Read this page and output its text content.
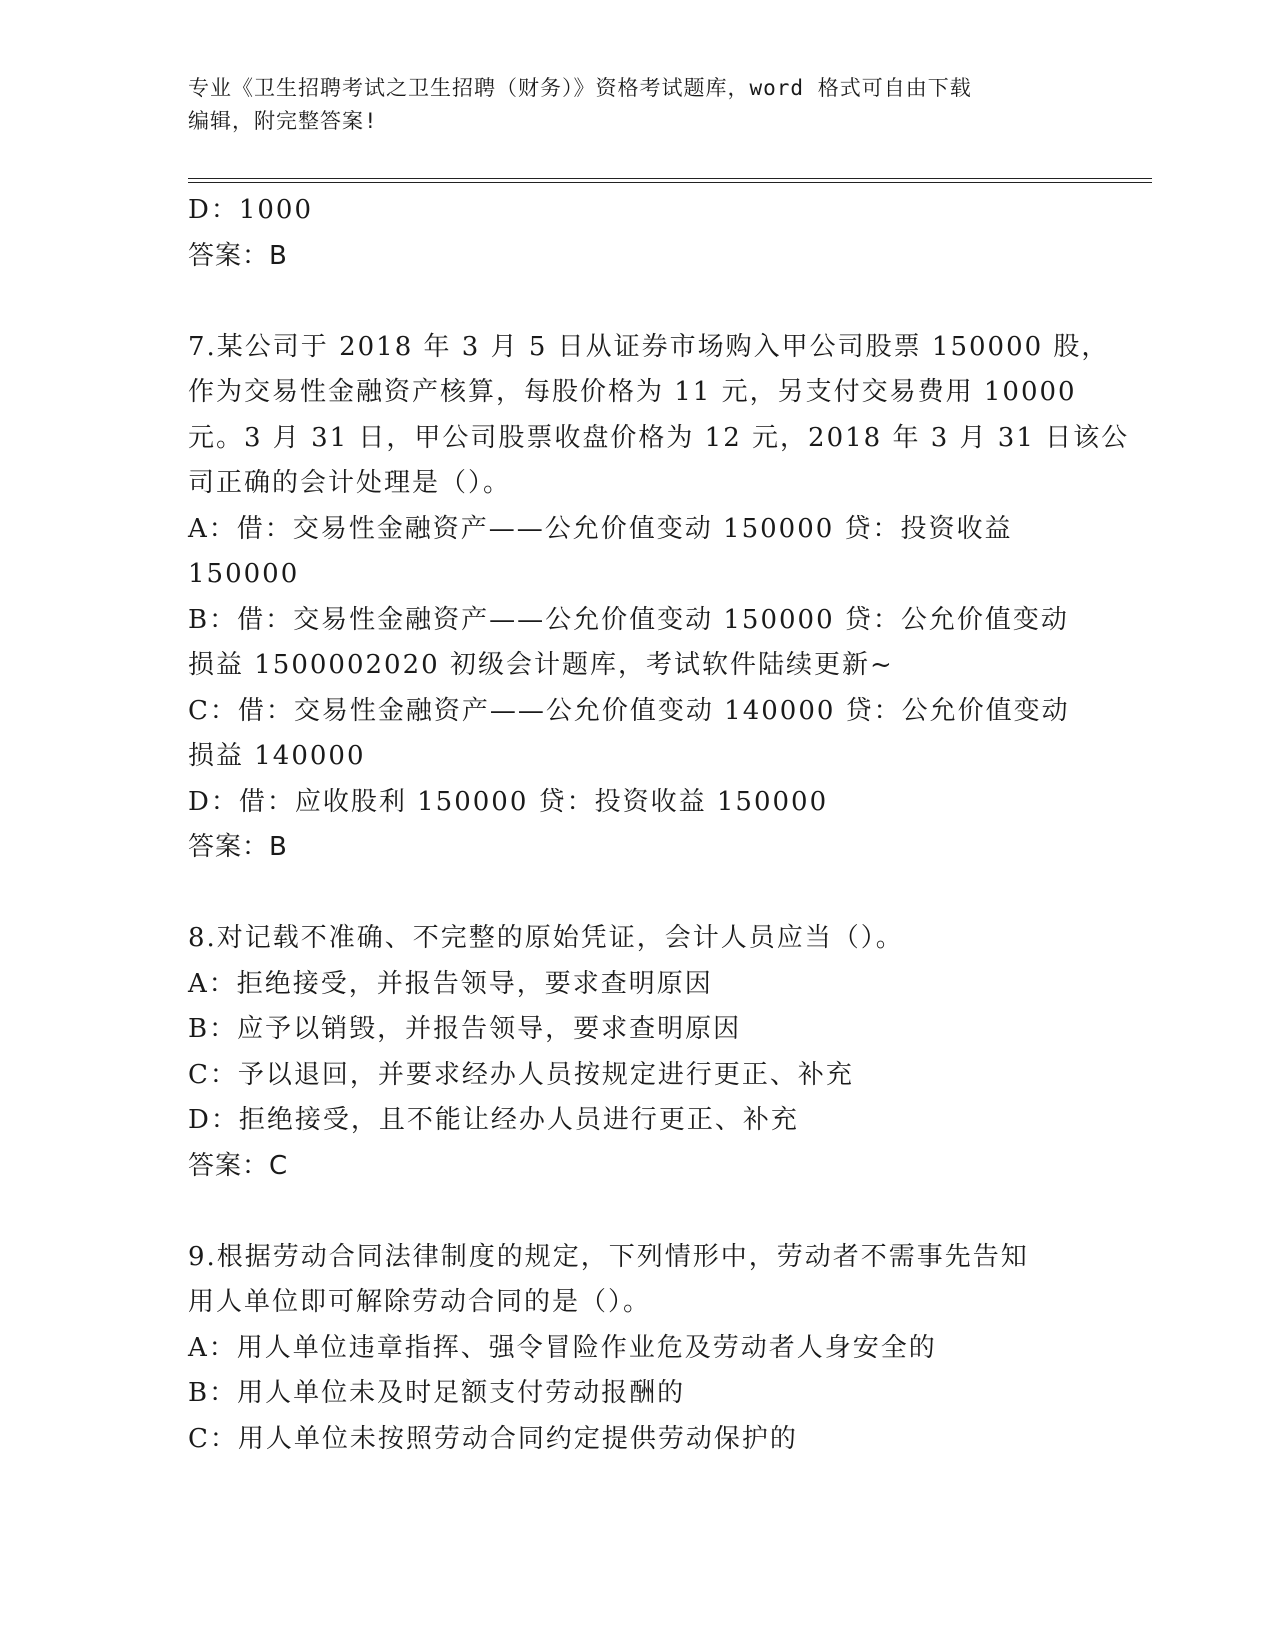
专业《卫生招聘考试之卫生招聘（财务）》资格考试题库，word 格式可自由下载
编辑，附完整答案!
D：1000
答案：B
7.某公司于 2018 年 3 月 5 日从证券市场购入甲公司股票 150000 股，
作为交易性金融资产核算，每股价格为 11 元，另支付交易费用 10000
元。3 月 31 日，甲公司股票收盘价格为 12 元，2018 年 3 月 31 日该公
司正确的会计处理是（）。
A：借：交易性金融资产——公允价值变动 150000 贷：投资收益
150000
B：借：交易性金融资产——公允价值变动 150000 贷：公允价值变动
损益 1500002020 初级会计题库，考试软件陆续更新~
C：借：交易性金融资产——公允价值变动 140000 贷：公允价值变动
损益 140000
D：借：应收股利 150000 贷：投资收益 150000
答案：B
8.对记载不准确、不完整的原始凭证，会计人员应当（）。
A：拒绝接受，并报告领导，要求查明原因
B：应予以销毁，并报告领导，要求查明原因
C：予以退回，并要求经办人员按规定进行更正、补充
D：拒绝接受，且不能让经办人员进行更正、补充
答案：C
9.根据劳动合同法律制度的规定，下列情形中，劳动者不需事先告知
用人单位即可解除劳动合同的是（）。
A：用人单位违章指挥、强令冒险作业危及劳动者人身安全的
B：用人单位未及时足额支付劳动报酬的
C：用人单位未按照劳动合同约定提供劳动保护的
